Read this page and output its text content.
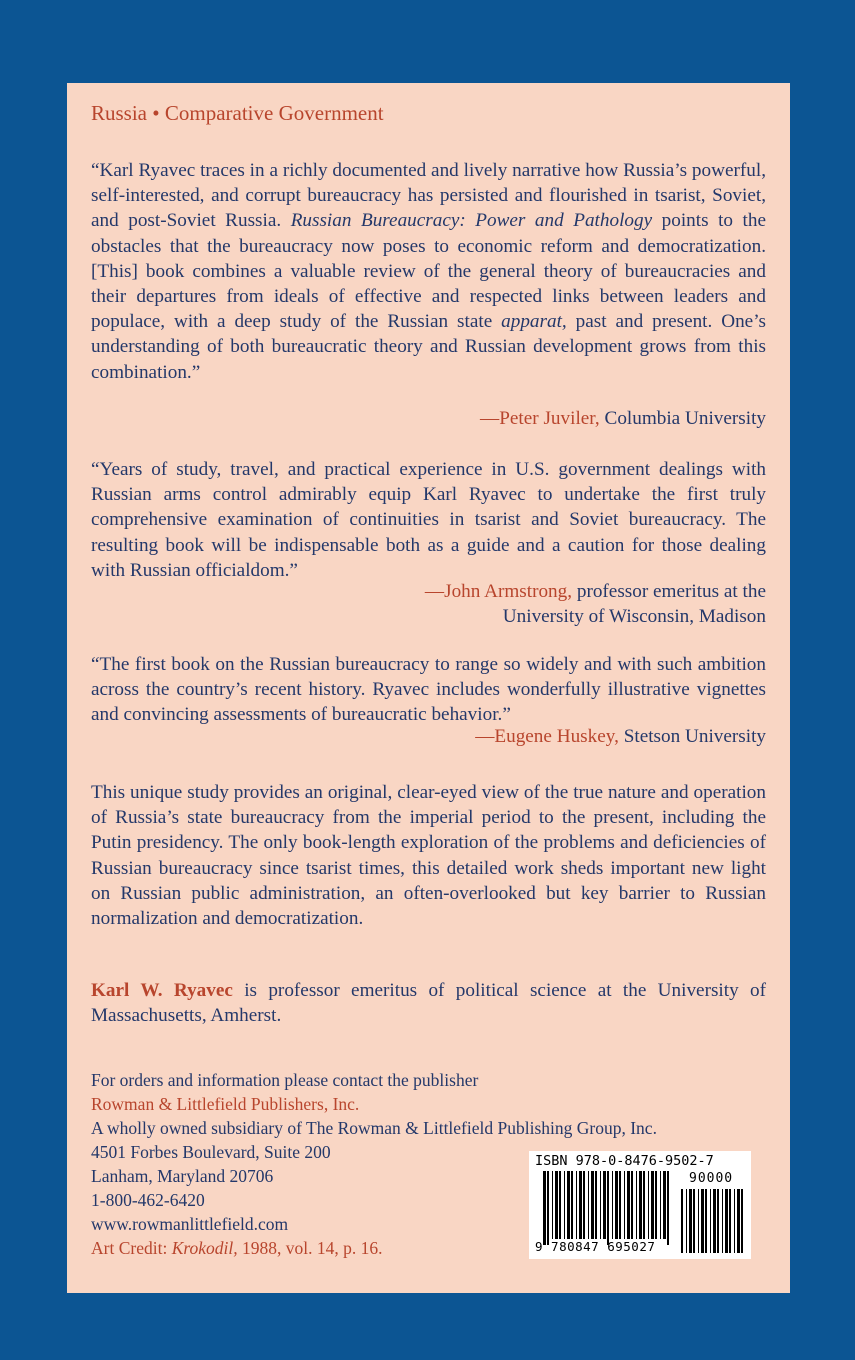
Russia • Comparative Government

“Karl Ryavec traces in a richly documented and lively narrative how Russia’s powerful, self-interested, and corrupt bureaucracy has persisted and flourished in tsarist, Soviet, and post-Soviet Russia. Russian Bureaucracy: Power and Pathology points to the obstacles that the bureaucracy now poses to economic reform and democratization. [This] book combines a valuable review of the general theory of bureaucracies and their departures from ideals of effective and respected links between leaders and populace, with a deep study of the Russian state apparat, past and present. One’s understanding of both bureaucratic theory and Russian development grows from this combination.”

—Peter Juviler, Columbia University

“Years of study, travel, and practical experience in U.S. government dealings with Russian arms control admirably equip Karl Ryavec to undertake the first truly comprehensive examination of continuities in tsarist and Soviet bureaucracy. The resulting book will be indispensable both as a guide and a caution for those dealing with Russian officialdom.”

—John Armstrong, professor emeritus at the
University of Wisconsin, Madison

“The first book on the Russian bureaucracy to range so widely and with such ambition across the country’s recent history. Ryavec includes wonderfully illustrative vignettes and convincing assessments of bureaucratic behavior.”

—Eugene Huskey, Stetson University

This unique study provides an original, clear-eyed view of the true nature and operation of Russia’s state bureaucracy from the imperial period to the present, including the Putin presidency. The only book-length exploration of the problems and deficiencies of Russian bureaucracy since tsarist times, this detailed work sheds important new light on Russian public administration, an often-overlooked but key barrier to Russian normalization and democratization.

Karl W. Ryavec is professor emeritus of political science at the University of Massachusetts, Amherst.

For orders and information please contact the publisher
Rowman & Littlefield Publishers, Inc.
A wholly owned subsidiary of The Rowman & Littlefield Publishing Group, Inc.
4501 Forbes Boulevard, Suite 200
Lanham, Maryland 20706
1-800-462-6420
www.rowmanlittlefield.com
Art Credit: Krokodil, 1988, vol. 14, p. 16.
ISBN 978-0-8476-9502-7
90000
9 780847 695027
